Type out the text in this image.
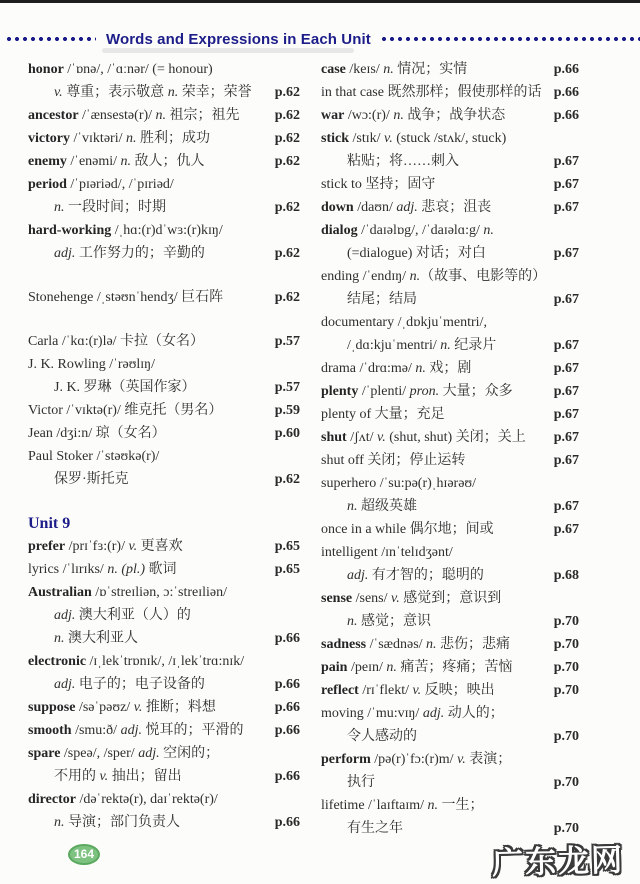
Words and Expressions in Each Unit
honor /ˈɒnə/, /ˈɑːnər/ (= honour)
v. 尊重；表示敬意 n. 荣幸；荣誉 p.62
ancestor /ˈænsestə(r)/ n. 祖宗；祖先	p.62
victory /ˈvɪktəri/ n. 胜利；成功	p.62
enemy /ˈenəmi/ n. 敌人；仇人	p.62
period /ˈpɪəriəd/, /ˈpɪriəd/
n. 一段时间；时期	p.62
hard-working /ˌhɑ:(r)dˈwɜ:(r)kɪŋ/
adj. 工作努力的；辛勤的	p.62
Stonehenge /ˌstəʊnˈhendʒ/ 巨石阵	p.62
Carla /ˈkɑ:(r)lə/ 卡拉（女名）	p.57
J. K. Rowling /ˈrəʊlɪŋ/
J. K. 罗琳（英国作家）	p.57
Victor /ˈvɪktə(r)/ 维克托（男名）	p.59
Jean /dʒi:n/ 琼（女名）	p.60
Paul Stoker /ˈstəʊkə(r)/
保罗·斯托克	p.62
Unit 9
prefer /prɪˈfɜ:(r)/ v. 更喜欢	p.65
lyrics /ˈlɪrɪks/ n. (pl.) 歌词	p.65
Australian /ɒˈstreɪliən, ɔ:ˈstreɪliən/
adj. 澳大利亚（人）的
n. 澳大利亚人	p.66
electronic /ɪˌlekˈtrɒnɪk/, /ɪˌlekˈtrɑ:nɪk/
adj. 电子的；电子设备的	p.66
suppose /səˈpəʊz/ v. 推断；料想	p.66
smooth /smu:ð/ adj. 悦耳的；平滑的 p.66
spare /speə/, /sper/ adj. 空闲的；
不用的 v. 抽出；留出	p.66
director /dəˈrektə(r), daɪˈrektə(r)/
n. 导演；部门负责人	p.66
case /keɪs/ n. 情况；实情	p.66
in that case 既然那样；假使那样的话 p.66
war /wɔ:(r)/ n. 战争；战争状态	p.66
stick /stɪk/ v. (stuck /stʌk/, stuck)
粘贴；将……刺入	p.67
stick to 坚持；固守	p.67
down /daʊn/ adj. 悲哀；沮丧	p.67
dialog /ˈdaɪəlɒg/, /ˈdaɪəlɑ:g/ n.
(=dialogue) 对话；对白	p.67
ending /ˈendɪŋ/ n.（故事、电影等的）
结尾；结局	p.67
documentary /ˌdɒkjuˈmentri/,
/ˌdɑ:kjuˈmentri/ n. 纪录片	p.67
drama /ˈdrɑ:mə/ n. 戏；剧	p.67
plenty /ˈplenti/ pron. 大量；众多	p.67
plenty of 大量；充足	p.67
shut /ʃʌt/ v. (shut, shut) 关闭；关上 p.67
shut off 关闭；停止运转	p.67
superhero /ˈsu:pə(r)ˌhɪərəʊ/
n. 超级英雄	p.67
once in a while 偶尔地；间或	p.67
intelligent /ɪnˈtelɪdʒənt/
adj. 有才智的；聪明的	p.68
sense /sens/ v. 感觉到；意识到
n. 感觉；意识	p.70
sadness /ˈsædnəs/ n. 悲伤；悲痛	p.70
pain /peɪn/ n. 痛苦；疼痛；苦恼	p.70
reflect /rɪˈflekt/ v. 反映；映出	p.70
moving /ˈmu:vɪŋ/ adj. 动人的；
令人感动的	p.70
perform /pə(r)ˈfɔ:(r)m/ v. 表演；
执行	p.70
lifetime /ˈlaɪftaɪm/ n. 一生；
有生之年	p.70
164	广东龙网
